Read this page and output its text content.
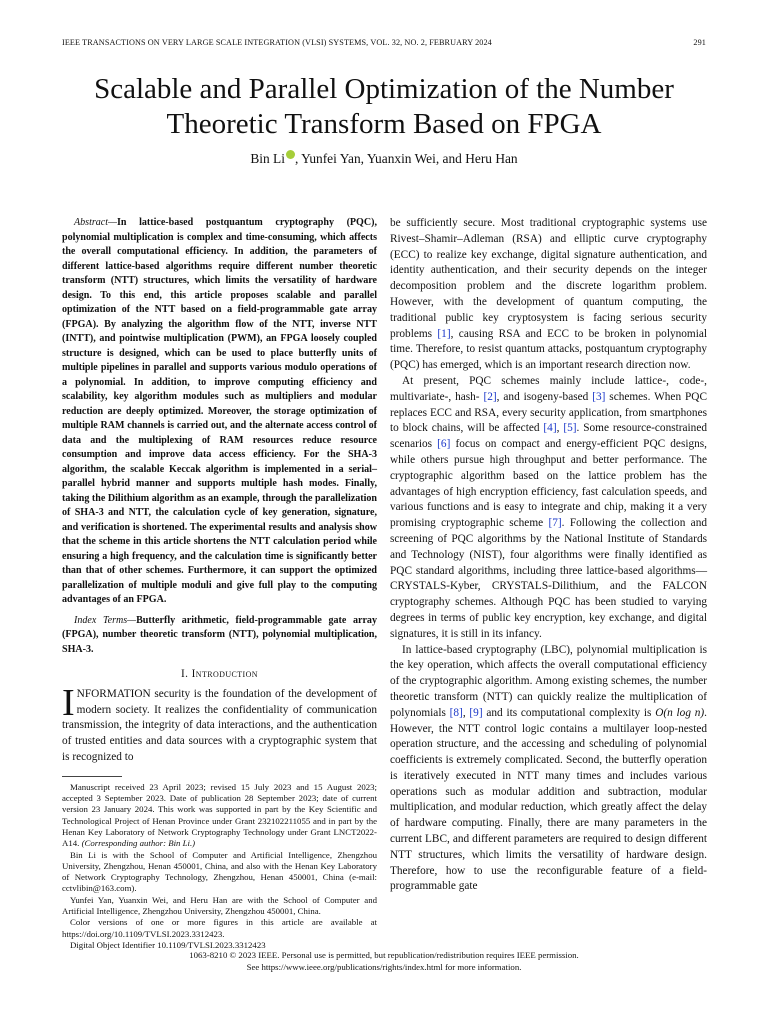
IEEE TRANSACTIONS ON VERY LARGE SCALE INTEGRATION (VLSI) SYSTEMS, VOL. 32, NO. 2, FEBRUARY 2024	291
Scalable and Parallel Optimization of the Number Theoretic Transform Based on FPGA
Bin Li , Yunfei Yan, Yuanxin Wei, and Heru Han

Abstract—In lattice-based postquantum cryptography (PQC), polynomial multiplication is complex and time-consuming, which affects the overall computational efficiency. In addition, the parameters of different lattice-based algorithms require different number theoretic transform (NTT) structures, which limits the versatility of hardware design. To this end, this article proposes scalable and parallel optimization of the NTT based on a field-programmable gate array (FPGA). By analyzing the algorithm flow of the NTT, inverse NTT (INTT), and pointwise multiplication (PWM), an FPGA loosely coupled structure is designed, which can be used to place butterfly units of multiple pipelines in parallel and supports various modulo operations of a polynomial. In addition, to improve computing efficiency and scalability, key algorithm modules such as multipliers and modular reduction are deeply optimized. Moreover, the storage optimization of multiple RAM channels is carried out, and the alternate access control of data and the multiplexing of RAM resources reduce resource consumption and improve data access efficiency. For the SHA-3 algorithm, the scalable Keccak algorithm is implemented in a serial–parallel hybrid manner and supports multiple hash modes. Finally, taking the Dilithium algorithm as an example, through the parallelization of SHA-3 and NTT, the calculation cycle of key generation, signature, and verification is shortened. The experimental results and analysis show that the scheme in this article shortens the NTT calculation period while ensuring a high frequency, and the calculation time is significantly better than that of other schemes. Furthermore, it can support the optimized parallelization of multiple moduli and give full play to the computing advantages of an FPGA.

Index Terms—Butterfly arithmetic, field-programmable gate array (FPGA), number theoretic transform (NTT), polynomial multiplication, SHA-3.
I. Introduction

INFORMATION security is the foundation of the development of modern society. It realizes the confidentiality of communication transmission, the integrity of data interactions, and the authentication of trusted entities and data sources with a cryptographic system that is recognized to

Manuscript received 23 April 2023; revised 15 July 2023 and 15 August 2023; accepted 3 September 2023. Date of publication 28 September 2023; date of current version 23 January 2024. This work was supported in part by the Key Scientific and Technological Project of Henan Province under Grant 232102211055 and in part by the Henan Key Laboratory of Network Cryptography Technology under Grant LNCT2022-A14. (Corresponding author: Bin Li.)

Bin Li is with the School of Computer and Artificial Intelligence, Zhengzhou University, Zhengzhou, Henan 450001, China, and also with the Henan Key Laboratory of Network Cryptography Technology, Zhengzhou, Henan 450001, China (e-mail: cctvlibin@163.com).

Yunfei Yan, Yuanxin Wei, and Heru Han are with the School of Computer and Artificial Intelligence, Zhengzhou University, Zhengzhou 450001, China.

Color versions of one or more figures in this article are available at https://doi.org/10.1109/TVLSI.2023.3312423.

Digital Object Identifier 10.1109/TVLSI.2023.3312423

be sufficiently secure. Most traditional cryptographic systems use Rivest–Shamir–Adleman (RSA) and elliptic curve cryptography (ECC) to realize key exchange, digital signature authentication, and identity authentication, and their security depends on the integer decomposition problem and the discrete logarithm problem. However, with the development of quantum computing, the traditional public key cryptosystem is facing serious security problems [1], causing RSA and ECC to be broken in polynomial time. Therefore, to resist quantum attacks, postquantum cryptography (PQC) has emerged, which is an important research direction now.

At present, PQC schemes mainly include lattice-, code-, multivariate-, hash- [2], and isogeny-based [3] schemes. When PQC replaces ECC and RSA, every security application, from smartphones to block chains, will be affected [4], [5]. Some resource-constrained scenarios [6] focus on compact and energy-efficient PQC designs, while others pursue high throughput and better performance. The cryptographic algorithm based on the lattice problem has the advantages of high encryption efficiency, fast calculation speeds, and various functions and is easy to integrate and chip, making it a very promising cryptographic scheme [7]. Following the collection and screening of PQC algorithms by the National Institute of Standards and Technology (NIST), four algorithms were finally identified as PQC standard algorithms, including three lattice-based algorithms—CRYSTALS-Kyber, CRYSTALS-Dilithium, and the FALCON cryptography schemes. Although PQC has been studied to varying degrees in terms of public key encryption, key exchange, and digital signatures, it is still in its infancy.

In lattice-based cryptography (LBC), polynomial multiplication is the key operation, which affects the overall computational efficiency of the cryptographic algorithm. Among existing schemes, the number theoretic transform (NTT) can quickly realize the multiplication of polynomials [8], [9] and its computational complexity is O(n log n). However, the NTT control logic contains a multilayer loop-nested operation structure, and the accessing and scheduling of polynomial coefficients is extremely complicated. Second, the butterfly operation is iteratively executed in NTT many times and includes various operations such as modular addition and subtraction, modular multiplication, and modular reduction, which greatly affect the delay of hardware computing. Finally, there are many parameters in the current LBC, and different parameters are required to design different NTT structures, which limits the versatility of hardware design. Therefore, how to use the reconfigurable feature of a field-programmable gate

1063-8210 © 2023 IEEE. Personal use is permitted, but republication/redistribution requires IEEE permission.
See https://www.ieee.org/publications/rights/index.html for more information.
